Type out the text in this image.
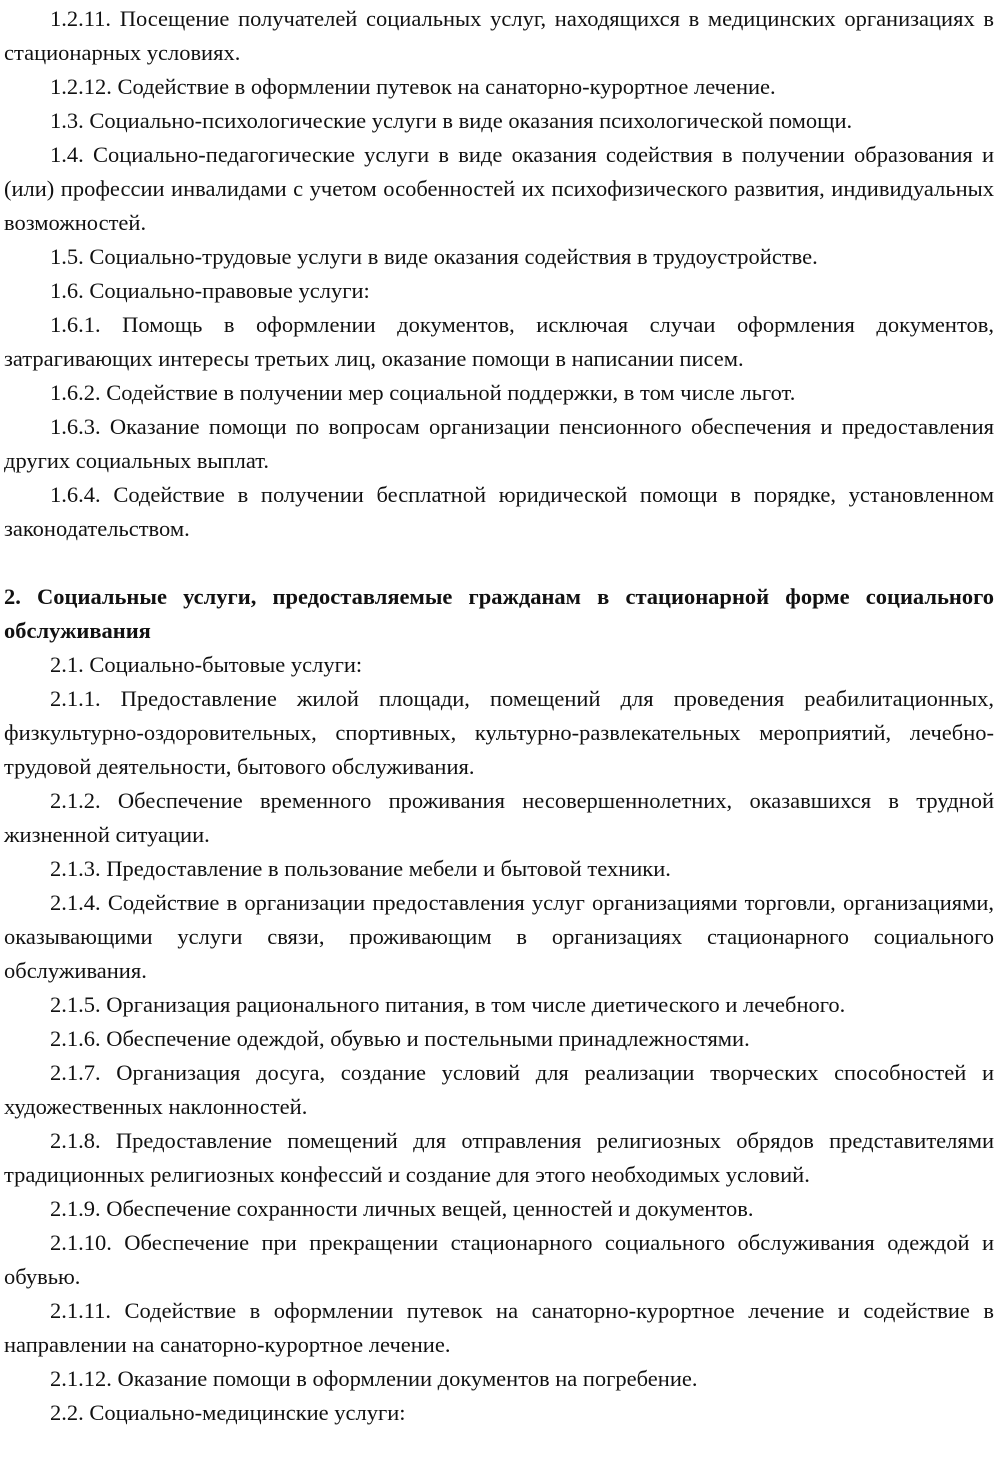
1.2.11. Посещение получателей социальных услуг, находящихся в медицинских организациях в стационарных условиях.

1.2.12. Содействие в оформлении путевок на санаторно-курортное лечение.

1.3. Социально-психологические услуги в виде оказания психологической помощи.

1.4. Социально-педагогические услуги в виде оказания содействия в получении образования и (или) профессии инвалидами с учетом особенностей их психофизического развития, индивидуальных возможностей.

1.5. Социально-трудовые услуги в виде оказания содействия в трудоустройстве.

1.6. Социально-правовые услуги:

1.6.1. Помощь в оформлении документов, исключая случаи оформления документов, затрагивающих интересы третьих лиц, оказание помощи в написании писем.

1.6.2. Содействие в получении мер социальной поддержки, в том числе льгот.

1.6.3. Оказание помощи по вопросам организации пенсионного обеспечения и предоставления других социальных выплат.

1.6.4. Содействие в получении бесплатной юридической помощи в порядке, установленном законодательством.

2. Социальные услуги, предоставляемые гражданам в стационарной форме социального обслуживания

2.1. Социально-бытовые услуги:

2.1.1. Предоставление жилой площади, помещений для проведения реабилитационных, физкультурно-оздоровительных, спортивных, культурно-развлекательных мероприятий, лечебно-трудовой деятельности, бытового обслуживания.

2.1.2. Обеспечение временного проживания несовершеннолетних, оказавшихся в трудной жизненной ситуации.

2.1.3. Предоставление в пользование мебели и бытовой техники.

2.1.4. Содействие в организации предоставления услуг организациями торговли, организациями, оказывающими услуги связи, проживающим в организациях стационарного социального обслуживания.

2.1.5. Организация рационального питания, в том числе диетического и лечебного.

2.1.6. Обеспечение одеждой, обувью и постельными принадлежностями.

2.1.7. Организация досуга, создание условий для реализации творческих способностей и художественных наклонностей.

2.1.8. Предоставление помещений для отправления религиозных обрядов представителями традиционных религиозных конфессий и создание для этого необходимых условий.

2.1.9. Обеспечение сохранности личных вещей, ценностей и документов.

2.1.10. Обеспечение при прекращении стационарного социального обслуживания одеждой и обувью.

2.1.11. Содействие в оформлении путевок на санаторно-курортное лечение и содействие в направлении на санаторно-курортное лечение.

2.1.12. Оказание помощи в оформлении документов на погребение.

2.2. Социально-медицинские услуги:
